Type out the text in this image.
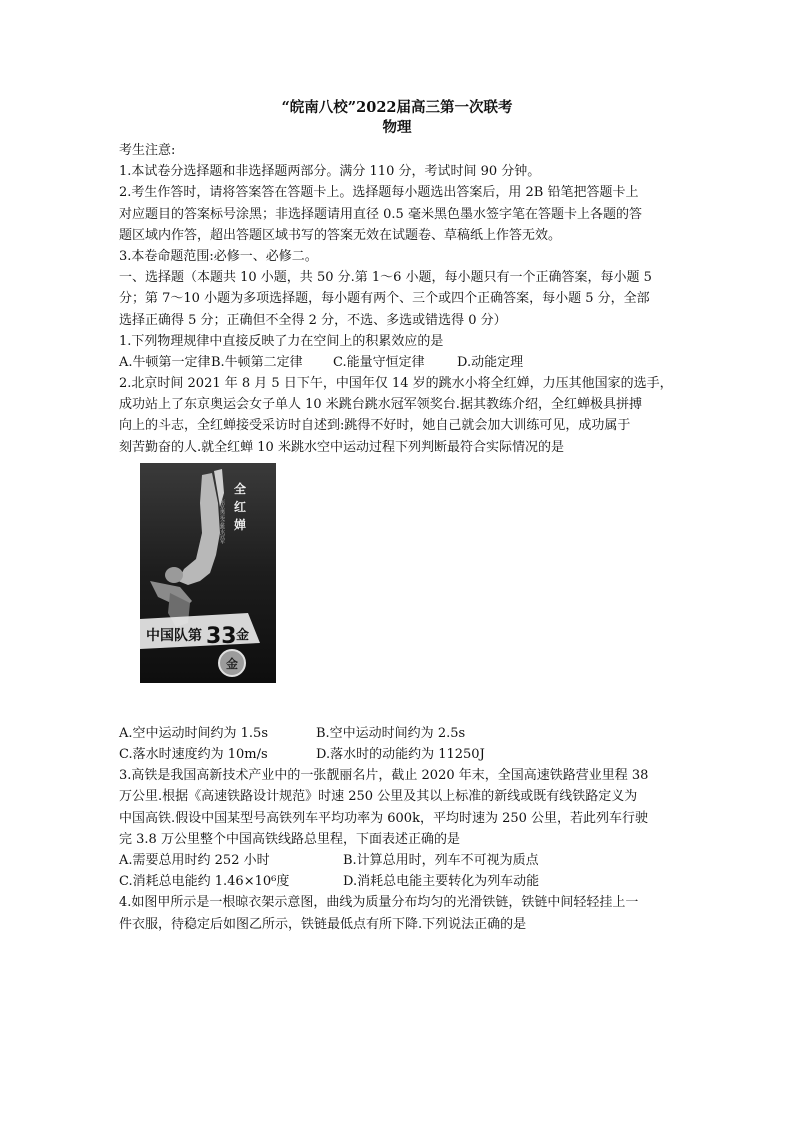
“皖南八校”2022届高三第一次联考
物理
考生注意:
1.本试卷分选择题和非选择题两部分。满分 110 分，考试时间 90 分钟。
2.考生作答时，请将答案答在答题卡上。选择题每小题选出答案后，用 2B 铅笔把答题卡上
对应题目的答案标号涂黑；非选择题请用直径 0.5 毫米黑色墨水签字笔在答题卡上各题的答
题区域内作答，超出答题区域书写的答案无效在试题卷、草稿纸上作答无效。
3.本卷命题范围:必修一、必修二。
一、选择题（本题共 10 小题，共 50 分.第 1～6 小题，每小题只有一个正确答案，每小题 5
分；第 7～10 小题为多项选择题，每小题有两个、三个或四个正确答案，每小题 5 分，全部
选择正确得 5 分；正确但不全得 2 分，不选、多选或错选得 0 分）
1.下列物理规律中直接反映了力在空间上的积累效应的是
A.牛顿第一定律 B.牛顿第二定律	C.能量守恒定律	D.动能定理
2.北京时间 2021 年 8 月 5 日下午，中国年仅 14 岁的跳水小将全红婵，力压其他国家的选手，
成功站上了东京奥运会女子单人 10 米跳台跳水冠军领奖台.据其教练介绍，全红蝉极具拼搏
向上的斗志，全红蝉接受采访时自述到:跳得不好时，她自己就会加大训练可见，成功属于
刻苦勤奋的人.就全红蝉 10 米跳水空中运动过程下列判断最符合实际情况的是
全
红
婵
东京奥运会跳水冠军
中国队第 33 金
金
A.空中运动时间约为 1.5s	B.空中运动时间约为 2.5s
C.落水时速度约为 10m/s	D.落水时的动能约为 11250J
3.高铁是我国高新技术产业中的一张靓丽名片，截止 2020 年末，全国高速铁路营业里程 38
万公里.根据《高速铁路设计规范》时速 250 公里及其以上标准的新线或既有线铁路定义为
中国高铁.假设中国某型号高铁列车平均功率为 600k，平均时速为 250 公里，若此列车行驶
完 3.8 万公里整个中国高铁线路总里程，下面表述正确的是
A.需要总用时约 252 小时	B.计算总用时，列车不可视为质点
C.消耗总电能约 1.46×10⁶度	D.消耗总电能主要转化为列车动能
4.如图甲所示是一根晾衣架示意图，曲线为质量分布均匀的光滑铁链，铁链中间轻轻挂上一
件衣服，待稳定后如图乙所示，铁链最低点有所下降.下列说法正确的是
